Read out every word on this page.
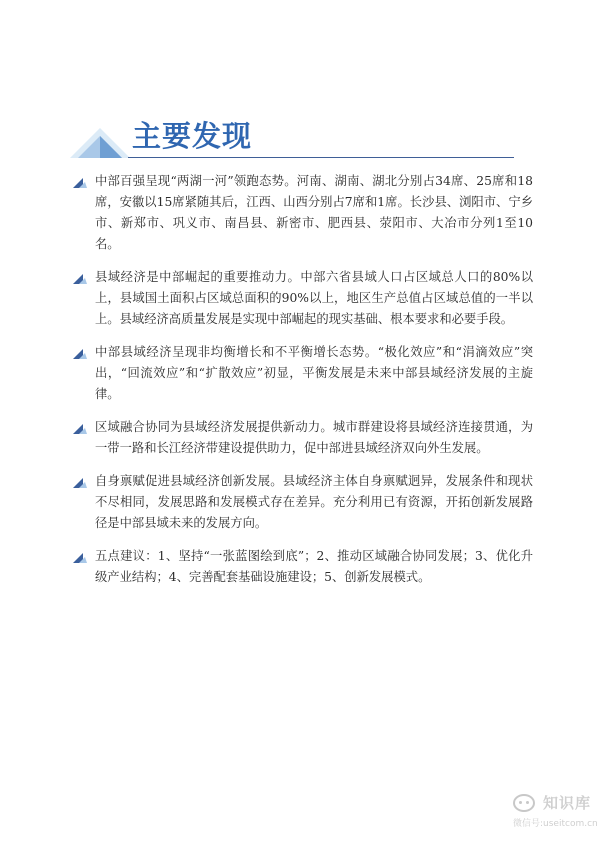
主要发现
中部百强呈现“两湖一河”领跑态势。河南、湖南、湖北分别占34席、25席和18席，安徽以15席紧随其后，江西、山西分别占7席和1席。长沙县、浏阳市、宁乡市、新郑市、巩义市、南昌县、新密市、肥西县、荥阳市、大冶市分列1至10名。
县域经济是中部崛起的重要推动力。中部六省县域人口占区域总人口的80%以上，县域国土面积占区域总面积的90%以上，地区生产总值占区域总值的一半以上。县域经济高质量发展是实现中部崛起的现实基础、根本要求和必要手段。
中部县域经济呈现非均衡增长和不平衡增长态势。“极化效应”和“涓滴效应”突出，“回流效应”和“扩散效应”初显，平衡发展是未来中部县域经济发展的主旋律。
区域融合协同为县域经济发展提供新动力。城市群建设将县域经济连接贯通，为一带一路和长江经济带建设提供助力，促中部进县域经济双向外生发展。
自身禀赋促进县域经济创新发展。县域经济主体自身禀赋迥异，发展条件和现状不尽相同，发展思路和发展模式存在差异。充分利用已有资源，开拓创新发展路径是中部县域未来的发展方向。
五点建议：1、坚持“一张蓝图绘到底”；2、推动区域融合协同发展；3、优化升级产业结构；4、完善配套基础设施建设；5、创新发展模式。
知识库
微信号:useitcom.cn
